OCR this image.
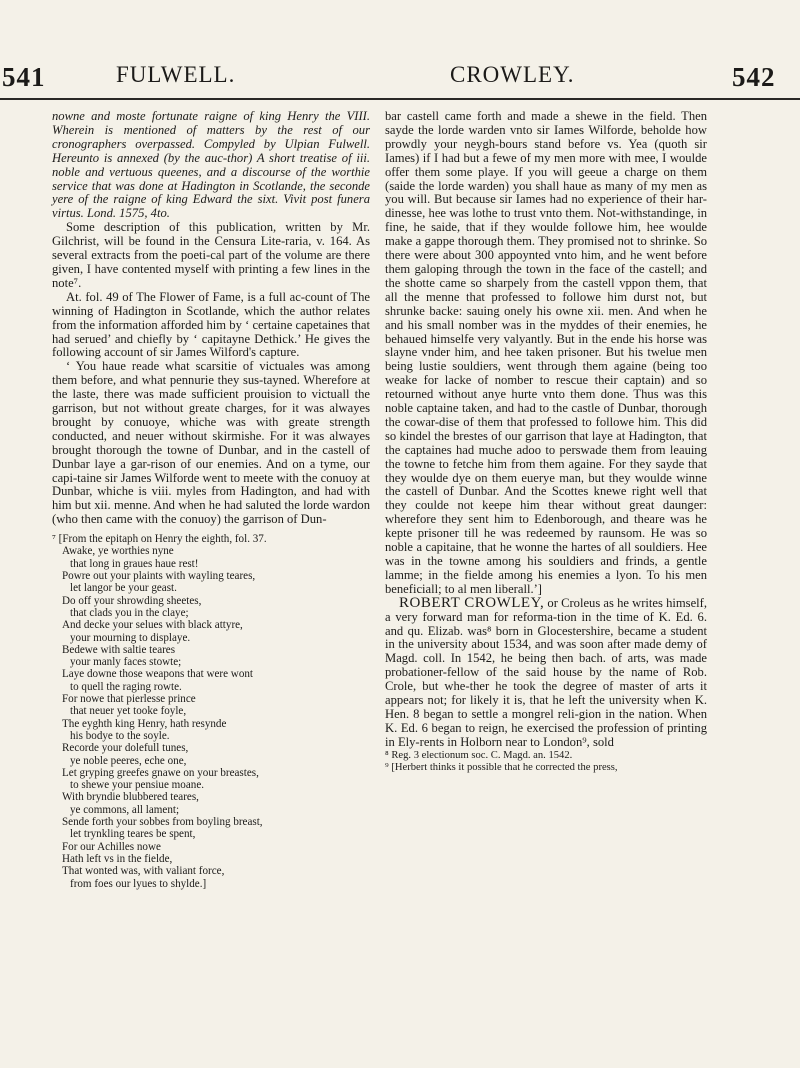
541	FULWELL.	CROWLEY.	542

nowne and moste fortunate raigne of king Henry the VIII. Wherein is mentioned of matters by the rest of our cronographers overpassed. Compyled by Ulpian Fulwell. Hereunto is annexed (by the auc-thor) A short treatise of iii. noble and vertuous queenes, and a discourse of the worthie service that was done at Hadington in Scotlande, the seconde yere of the raigne of king Edward the sixt. Vivit post funera virtus. Lond. 1575, 4to.

Some description of this publication, written by Mr. Gilchrist, will be found in the Censura Lite-raria, v. 164. As several extracts from the poeti-cal part of the volume are there given, I have contented myself with printing a few lines in the note⁷.

At. fol. 49 of The Flower of Fame, is a full ac-count of The winning of Hadington in Scotlande, which the author relates from the information afforded him by ‘ certaine capetaines that had serued’ and chiefly by ‘ capitayne Dethick.’ He gives the following account of sir James Wilford's capture.

‘ You haue reade what scarsitie of victuales was among them before, and what pennurie they sus-tayned. Wherefore at the laste, there was made sufficient prouision to victuall the garrison, but not without greate charges, for it was alwayes brought by conuoye, whiche was with greate strength conducted, and neuer without skirmishe. For it was alwayes brought thorough the towne of Dunbar, and in the castell of Dunbar laye a gar-rison of our enemies. And on a tyme, our capi-taine sir James Wilforde went to meete with the conuoy at Dunbar, whiche is viii. myles from Hadington, and had with him but xii. menne. And when he had saluted the lorde wardon (who then came with the conuoy) the garrison of Dun-

⁷ [From the epitaph on Henry the eighth, fol. 37.
Awake, ye worthies nyne
that long in graues haue rest!
Powre out your plaints with wayling teares,
let langor be your geast.
Do off your shrowding sheetes,
that clads you in the claye;
And decke your selues with black attyre,
your mourning to displaye.
Bedewe with saltie teares
your manly faces stowte;
Laye downe those weapons that were wont
to quell the raging rowte.
For nowe that pierlesse prince
that neuer yet tooke foyle,
The eyghth king Henry, hath resynde
his bodye to the soyle.
Recorde your dolefull tunes,
ye noble peeres, eche one,
Let gryping greefes gnawe on your breastes,
to shewe your pensiue moane.
With bryndie blubbered teares,
ye commons, all lament;
Sende forth your sobbes from boyling breast,
let trynkling teares be spent,
For our Achilles nowe
Hath left vs in the fielde,
That wonted was, with valiant force,
from foes our lyues to shylde.]

bar castell came forth and made a shewe in the field. Then sayde the lorde warden vnto sir Iames Wilforde, beholde how prowdly your neygh-bours stand before vs. Yea (quoth sir Iames) if I had but a fewe of my men more with mee, I woulde offer them some playe. If you will geeue a charge on them (saide the lorde warden) you shall haue as many of my men as you will. But because sir Iames had no experience of their har-dinesse, hee was lothe to trust vnto them. Not-withstandinge, in fine, he saide, that if they woulde followe him, hee woulde make a gappe thorough them. They promised not to shrinke. So there were about 300 appoynted vnto him, and he went before them galoping through the town in the face of the castell; and the shotte came so sharpely from the castell vppon them, that all the menne that professed to followe him durst not, but shrunke backe: sauing onely his owne xii. men. And when he and his small nomber was in the myddes of their enemies, he behaued himselfe very valyantly. But in the ende his horse was slayne vnder him, and hee taken prisoner. But his twelue men being lustie souldiers, went through them againe (being too weake for lacke of nomber to rescue their captain) and so retourned without anye hurte vnto them done. Thus was this noble captaine taken, and had to the castle of Dunbar, thorough the cowar-dise of them that professed to followe him. This did so kindel the brestes of our garrison that laye at Hadington, that the captaines had muche adoo to perswade them from leauing the towne to fetche him from them againe. For they sayde that they woulde dye on them euerye man, but they woulde winne the castell of Dunbar. And the Scottes knewe right well that they coulde not keepe him thear without great daunger: wherefore they sent him to Edenborough, and theare was he kepte prisoner till he was redeemed by raunsom. He was so noble a capitaine, that he wonne the hartes of all souldiers. Hee was in the towne among his souldiers and frinds, a gentle lamme; in the fielde among his enemies a lyon. To his men beneficiall; to al men liberall.’]

ROBERT CROWLEY, or Croleus as he writes himself, a very forward man for reforma-tion in the time of K. Ed. 6. and qu. Elizab. was⁸ born in Glocestershire, became a student in the university about 1534, and was soon after made demy of Magd. coll. In 1542, he being then bach. of arts, was made probationer-fellow of the said house by the name of Rob. Crole, but whe-ther he took the degree of master of arts it appears not; for likely it is, that he left the university when K. Hen. 8 began to settle a mongrel reli-gion in the nation. When K. Ed. 6 began to reign, he exercised the profession of printing in Ely-rents in Holborn near to London⁹, sold

⁸ Reg. 3 electionum soc. C. Magd. an. 1542.
⁹ [Herbert thinks it possible that he corrected the press,
